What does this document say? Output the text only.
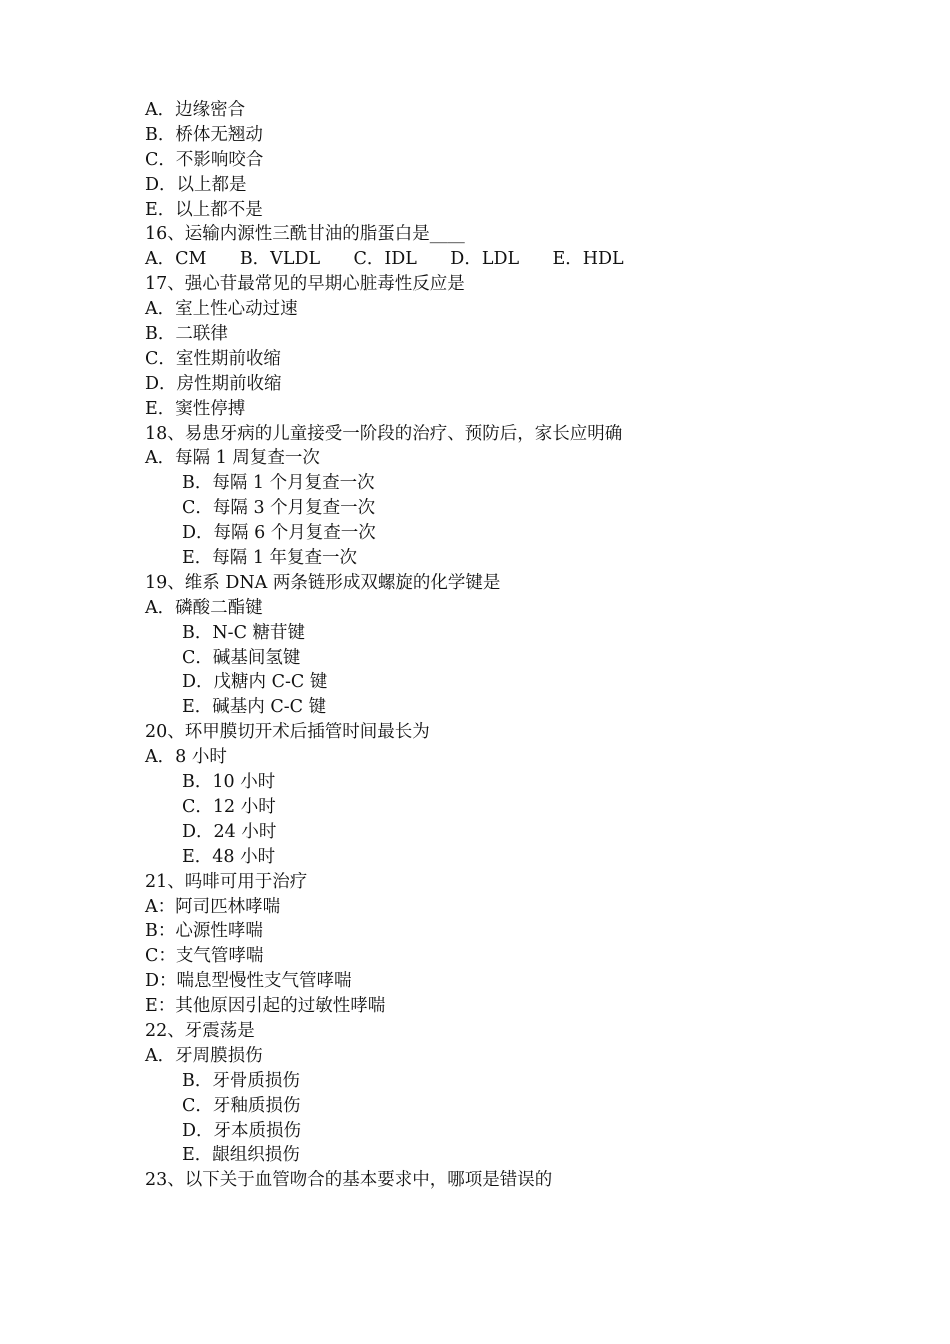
A．边缘密合
B．桥体无翘动
C．不影响咬合
D．以上都是
E．以上都不是
16、运输内源性三酰甘油的脂蛋白是____
A．CM      B．VLDL      C．IDL      D．LDL      E．HDL
17、强心苷最常见的早期心脏毒性反应是
A．室上性心动过速
B．二联律
C．室性期前收缩
D．房性期前收缩
E．窦性停搏
18、易患牙病的儿童接受一阶段的治疗、预防后，家长应明确
A．每隔 1 周复查一次
B．每隔 1 个月复查一次
C．每隔 3 个月复查一次
D．每隔 6 个月复查一次
E．每隔 1 年复查一次
19、维系 DNA 两条链形成双螺旋的化学键是
A．磷酸二酯键
B．N-C 糖苷键
C．碱基间氢键
D．戊糖内 C-C 键
E．碱基内 C-C 键
20、环甲膜切开术后插管时间最长为
A．8 小时
B．10 小时
C．12 小时
D．24 小时
E．48 小时
21、吗啡可用于治疗
A：阿司匹林哮喘
B：心源性哮喘
C：支气管哮喘
D：喘息型慢性支气管哮喘
E：其他原因引起的过敏性哮喘
22、牙震荡是
A．牙周膜损伤
B．牙骨质损伤
C．牙釉质损伤
D．牙本质损伤
E．龈组织损伤
23、以下关于血管吻合的基本要求中，哪项是错误的
